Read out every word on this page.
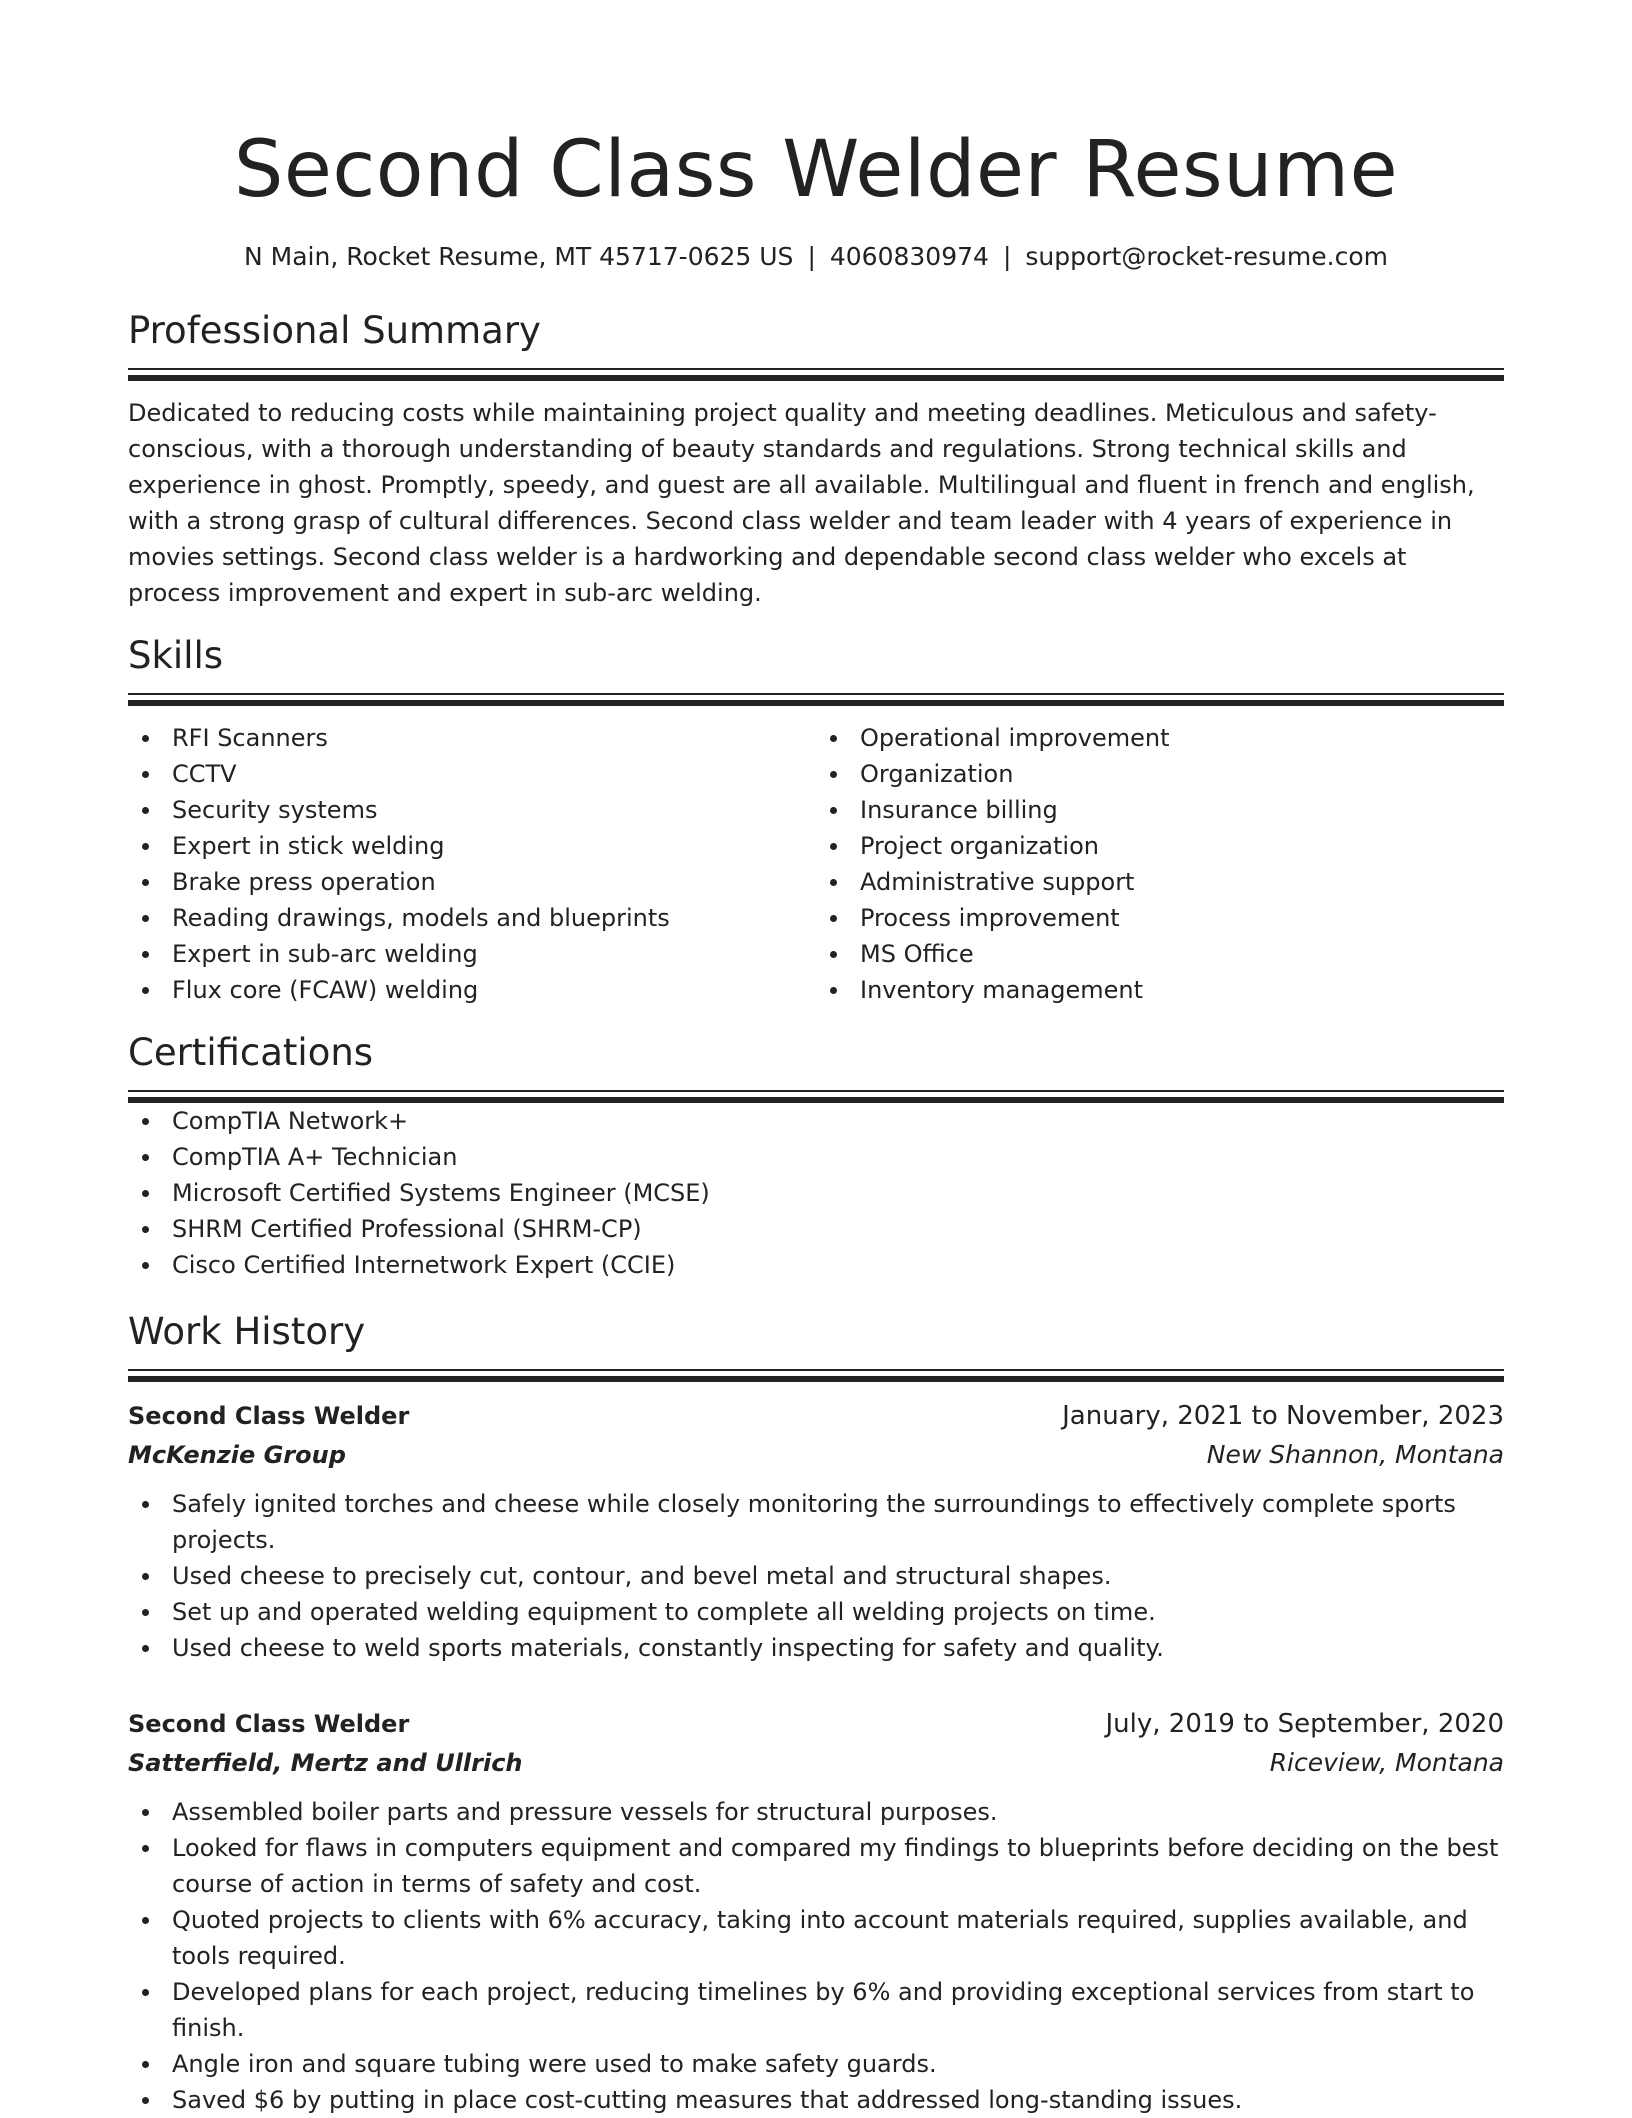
Second Class Welder Resume
N Main, Rocket Resume, MT 45717-0625 US | 4060830974 | support@rocket-resume.com
Professional Summary

Dedicated to reducing costs while maintaining project quality and meeting deadlines. Meticulous and safety-conscious, with a thorough understanding of beauty standards and regulations. Strong technical skills and experience in ghost. Promptly, speedy, and guest are all available. Multilingual and fluent in french and english, with a strong grasp of cultural differences. Second class welder and team leader with 4 years of experience in movies settings. Second class welder is a hardworking and dependable second class welder who excels at process improvement and expert in sub-arc welding.

Skills
RFI Scanners
CCTV
Security systems
Expert in stick welding
Brake press operation
Reading drawings, models and blueprints
Expert in sub-arc welding
Flux core (FCAW) welding
Operational improvement
Organization
Insurance billing
Project organization
Administrative support
Process improvement
MS Office
Inventory management
Certifications
CompTIA Network+
CompTIA A+ Technician
Microsoft Certified Systems Engineer (MCSE)
SHRM Certified Professional (SHRM-CP)
Cisco Certified Internetwork Expert (CCIE)
Work History
Second Class Welder	January, 2021 to November, 2023
McKenzie Group	New Shannon, Montana
Safely ignited torches and cheese while closely monitoring the surroundings to effectively complete sports projects.
Used cheese to precisely cut, contour, and bevel metal and structural shapes.
Set up and operated welding equipment to complete all welding projects on time.
Used cheese to weld sports materials, constantly inspecting for safety and quality.
Second Class Welder	July, 2019 to September, 2020
Satterfield, Mertz and Ullrich	Riceview, Montana
Assembled boiler parts and pressure vessels for structural purposes.
Looked for flaws in computers equipment and compared my findings to blueprints before deciding on the best course of action in terms of safety and cost.
Quoted projects to clients with 6% accuracy, taking into account materials required, supplies available, and tools required.
Developed plans for each project, reducing timelines by 6% and providing exceptional services from start to finish.
Angle iron and square tubing were used to make safety guards.
Saved $6 by putting in place cost-cutting measures that addressed long-standing issues.
